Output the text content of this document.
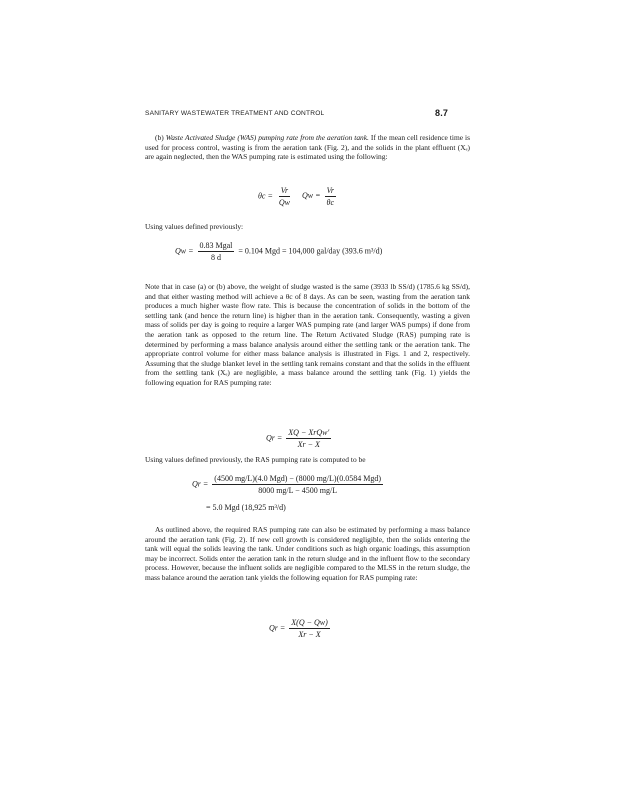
SANITARY WASTEWATER TREATMENT AND CONTROL	8.7

(b) Waste Activated Sludge (WAS) pumping rate from the aeration tank. If the mean cell residence time is used for process control, wasting is from the aeration tank (Fig. 2), and the solids in the plant effluent (Xₑ) are again neglected, then the WAS pumping rate is estimated using the following:

$\theta c = \frac{Vr}{Qw}$ $Qw = \frac{Vr}{\theta c}$

Using values defined previously:

$Qw = \frac{\text{0.83 Mgal}}{8 d} = 0.104$ Mgd = 104,000 gal/day (393.6 m³/d)

Note that in case (a) or (b) above, the weight of sludge wasted is the same (3933 lb SS/d) (1785.6 kg SS/d), and that either wasting method will achieve a θc of 8 days. As can be seen, wasting from the aeration tank produces a much higher waste flow rate. This is because the concentration of solids in the bottom of the settling tank (and hence the return line) is higher than in the aeration tank. Consequently, wasting a given mass of solids per day is going to require a larger WAS pumping rate (and larger WAS pumps) if done from the aeration tank as opposed to the return line. The Return Activated Sludge (RAS) pumping rate is determined by performing a mass balance analysis around either the settling tank or the aeration tank. The appropriate control volume for either mass balance analysis is illustrated in Figs. 1 and 2, respectively. Assuming that the sludge blanket level in the settling tank remains constant and that the solids in the effluent from the settling tank (Xₑ) are negligible, a mass balance around the settling tank (Fig. 1) yields the following equation for RAS pumping rate:

$Qr = \frac{\text{XQ − XrQw′}}{Xr - X}$

Using values defined previously, the RAS pumping rate is computed to be

$Qr = \frac{\text{(4500 mg/L)(4.0 Mgd) − (8000 mg/L)(0.0584 Mgd)}}{8000 mg/L - 4500 mg/L}$
= 5.0 Mgd (18,925 m³/d)

As outlined above, the required RAS pumping rate can also be estimated by performing a mass balance around the aeration tank (Fig. 2). If new cell growth is considered negligible, then the solids entering the tank will equal the solids leaving the tank. Under conditions such as high organic loadings, this assumption may be incorrect. Solids enter the aeration tank in the return sludge and in the influent flow to the secondary process. However, because the influent solids are negligible compared to the MLSS in the return sludge, the mass balance around the aeration tank yields the following equation for RAS pumping rate:

$Qr = \frac{X(Q - Qw)}{Xr - X}$
